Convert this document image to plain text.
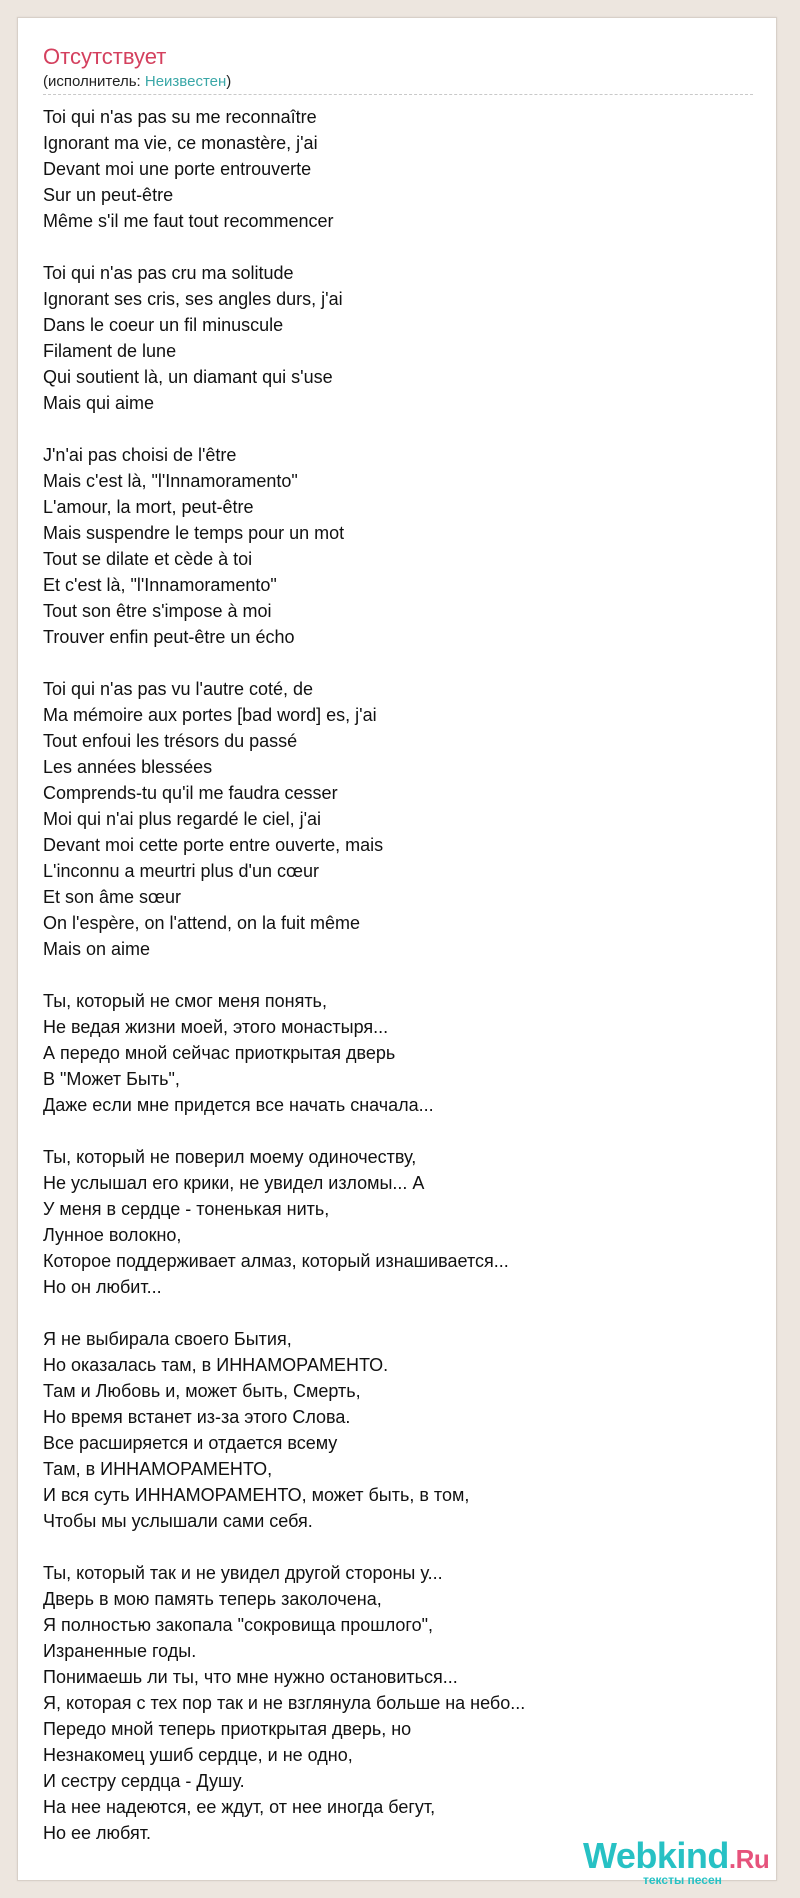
Отсутствует
(исполнитель: Неизвестен)
Toi qui n'as pas su me reconnaître
Ignorant ma vie, ce monastère, j'ai
Devant moi une porte entrouverte
Sur un peut-être
Même s'il me faut tout recommencer
Toi qui n'as pas cru ma solitude
Ignorant ses cris, ses angles durs, j'ai
Dans le coeur un fil minuscule
Filament de lune
Qui soutient là, un diamant qui s'use
Mais qui aime
J'n'ai pas choisi de l'être
Mais c'est là, "l'Innamoramento"
L'amour, la mort, peut-être
Mais suspendre le temps pour un mot
Tout se dilate et cède à toi
Et c'est là, "l'Innamoramento"
Tout son être s'impose à moi
Trouver enfin peut-être un écho
Toi qui n'as pas vu l'autre coté, de
Ma mémoire aux portes [bad word] es, j'ai
Tout enfoui les trésors du passé
Les années blessées
Comprends-tu qu'il me faudra cesser
Moi qui n'ai plus regardé le ciel, j'ai
Devant moi cette porte entre ouverte, mais
L'inconnu a meurtri plus d'un cœur
Et son âme sœur
On l'espère, on l'attend, on la fuit même
Mais on aime
Ты, который не смог меня понять,
Не ведая жизни моей, этого монастыря...
А передо мной сейчас приоткрытая дверь
В "Может Быть",
Даже если мне придется все начать сначала...
Ты, который не поверил моему одиночеству,
Не услышал его крики, не увидел изломы... А
У меня в сердце - тоненькая нить,
Лунное волокно,
Которое поддерживает алмаз, который изнашивается...
Но он любит...
Я не выбирала своего Бытия,
Но оказалась там, в ИННАМОРАМЕНТО.
Там и Любовь и, может быть, Смерть,
Но время встанет из-за этого Слова.
Все расширяется и отдается всему
Там, в ИННАМОРАМЕНТО,
И вся суть ИННАМОРАМЕНТО, может быть, в том,
Чтобы мы услышали сами себя.
Ты, который так и не увидел другой стороны у...
Дверь в мою память теперь заколочена,
Я полностью закопала "сокровища прошлого",
Израненные годы.
Понимаешь ли ты, что мне нужно остановиться...
Я, которая с тех пор так и не взглянула больше на небо...
Передо мной теперь приоткрытая дверь, но
Незнакомец ушиб сердце, и не одно,
И сестру сердца - Душу.
На нее надеются, ее ждут, от нее иногда бегут,
Но ее любят.
Webkind.Ru
тексты песен
